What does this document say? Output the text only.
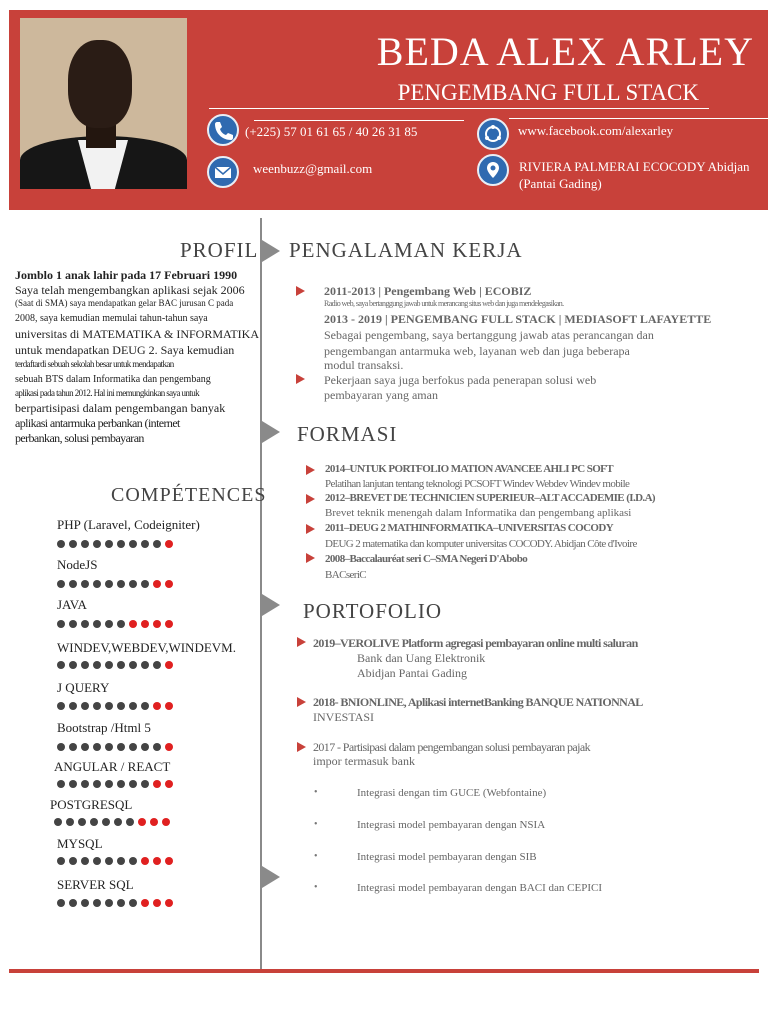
BEDA ALEX ARLEY
PENGEMBANG FULL STACK
(+225) 57 01 61 65 / 40 26 31 85
weenbuzz@gmail.com
www.facebook.com/alexarley
RIVIERA PALMERAI ECOCODY Abidjan
(Pantai Gading)
PROFIL
Jomblo 1 anak lahir pada 17 Februari 1990
Saya telah mengembangkan aplikasi sejak 2006
(Saat di SMA) saya mendapatkan gelar BAC jurusan C pada
2008, saya kemudian memulai tahun-tahun saya
universitas di MATEMATIKA & INFORMATIKA
untuk mendapatkan DEUG 2. Saya kemudian
terdaftardi sebuah sekolah besar untuk mendapatkan
sebuah BTS dalam Informatika dan pengembang
aplikasi pada tahun 2012. Hal ini memungkinkan saya untuk
berpartisipasi dalam pengembangan banyak
aplikasi antarmuka perbankan (internet
perbankan, solusi pembayaran
COMPÉTENCES
PHP (Laravel, Codeigniter)
NodeJS
JAVA
WINDEV,WEBDEV,WINDEVM.
J QUERY
Bootstrap /Html 5
ANGULAR / REACT
POSTGRESQL
MYSQL
SERVER SQL
PENGALAMAN KERJA
2011-2013 | Pengembang Web | ECOBIZ
Radio web, saya bertanggung jawab untuk merancang situs web dan juga mendelegasikan.
2013 - 2019 | PENGEMBANG FULL STACK | MEDIASOFT LAFAYETTE
Sebagai pengembang, saya bertanggung jawab atas perancangan dan
pengembangan antarmuka web, layanan web dan juga beberapa
modul transaksi.
Pekerjaan saya juga berfokus pada penerapan solusi web
pembayaran yang aman
FORMASI
2014–UNTUK PORTFOLIO MATION AVANCEE AHLI PC SOFT
Pelatihan lanjutan tentang teknologi PCSOFT Windev Webdev Windev mobile
2012–BREVET DE TECHNICIEN SUPERIEUR–ALT ACCADEMIE (I.D.A)
Brevet teknik menengah dalam Informatika dan pengembang aplikasi
2011–DEUG 2 MATHINFORMATIKA–UNIVERSITAS COCODY
DEUG 2 matematika dan komputer universitas COCODY. Abidjan Côte d'Ivoire
2008–Baccalauréat seri C–SMA Negeri D'Abobo
BACseriC
PORTOFOLIO
2019–VEROLIVE Platform agregasi pembayaran online multi saluran
Bank dan Uang Elektronik
Abidjan Pantai Gading
2018- BNIONLINE, Aplikasi internetBanking BANQUE NATIONNAL
INVESTASI
2017 - Partisipasi dalam pengembangan solusi pembayaran pajak
impor termasuk bank
•	Integrasi dengan tim GUCE (Webfontaine)
•	Integrasi model pembayaran dengan NSIA
•	Integrasi model pembayaran dengan SIB
•	Integrasi model pembayaran dengan BACI dan CEPICI
